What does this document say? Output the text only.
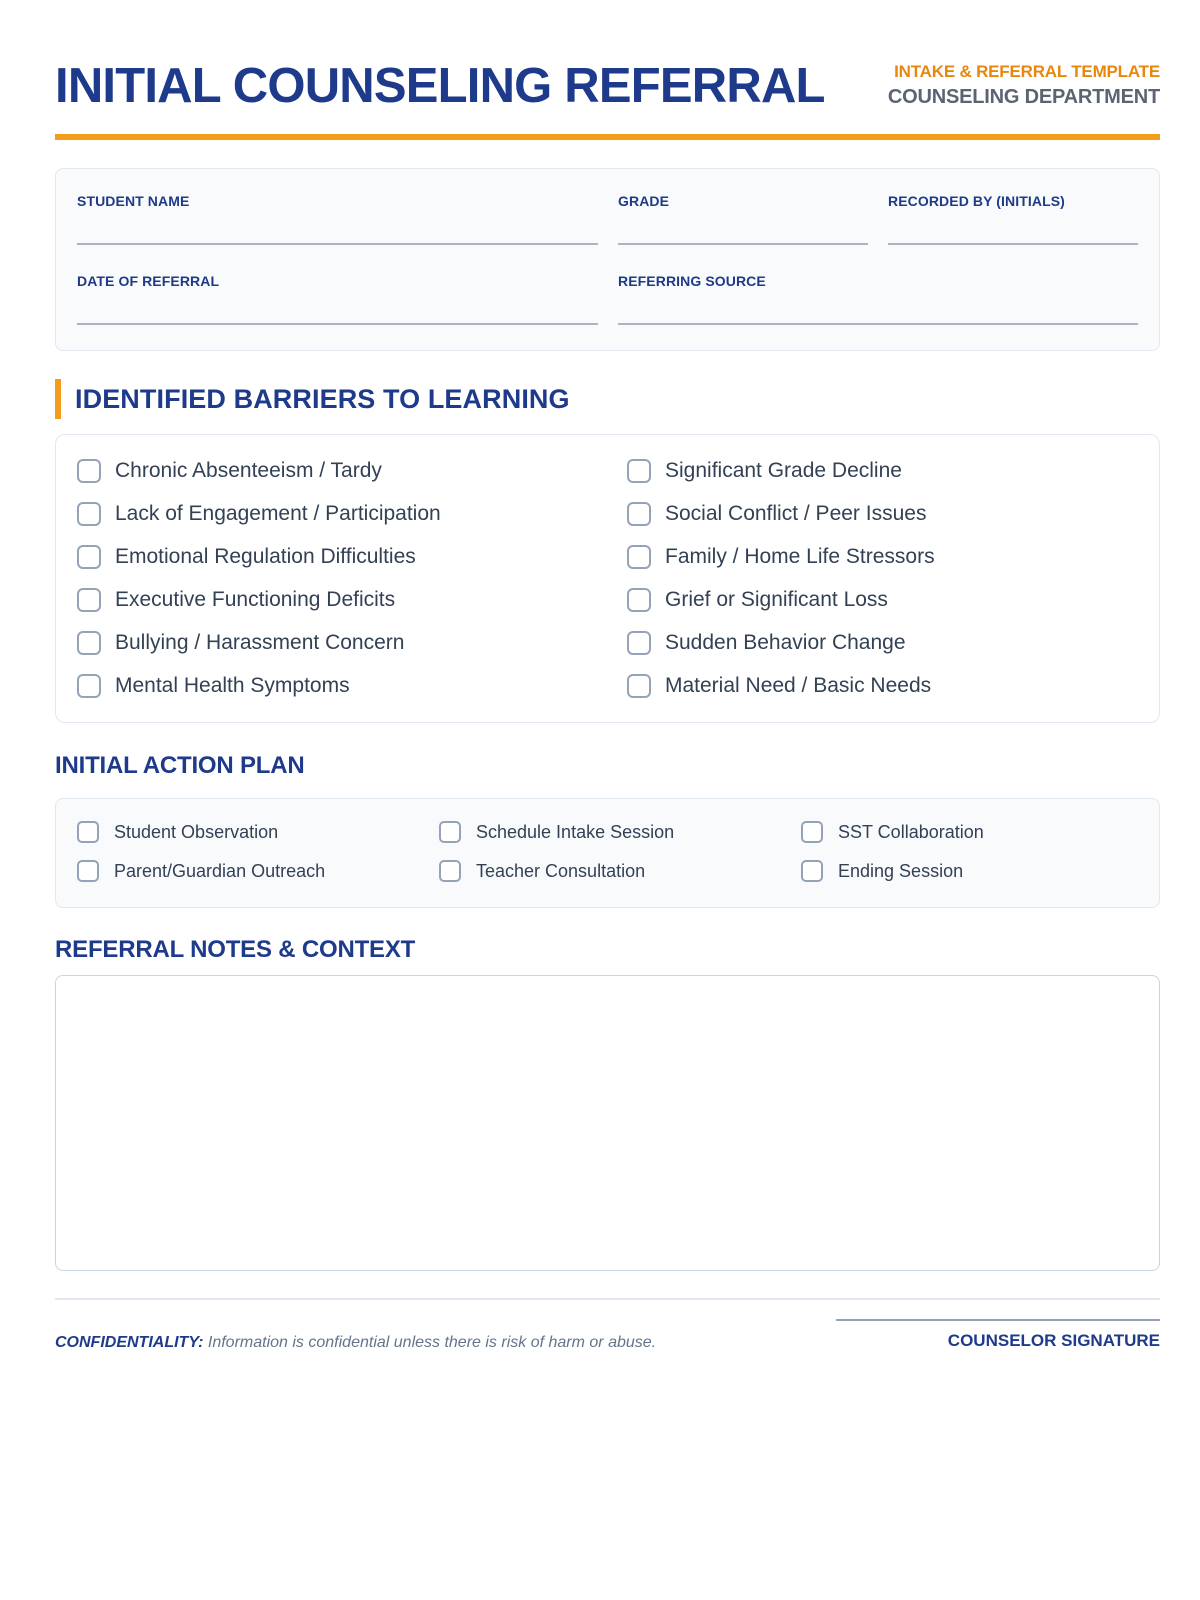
INITIAL COUNSELING REFERRAL	INTAKE & REFERRAL TEMPLATE
COUNSELING DEPARTMENT
STUDENT NAME	GRADE	RECORDED BY (INITIALS)
DATE OF REFERRAL	REFERRING SOURCE
IDENTIFIED BARRIERS TO LEARNING
Chronic Absenteeism / Tardy	Significant Grade Decline
Lack of Engagement / Participation	Social Conflict / Peer Issues
Emotional Regulation Difficulties	Family / Home Life Stressors
Executive Functioning Deficits	Grief or Significant Loss
Bullying / Harassment Concern	Sudden Behavior Change
Mental Health Symptoms	Material Need / Basic Needs
INITIAL ACTION PLAN
Student Observation	Schedule Intake Session	SST Collaboration
Parent/Guardian Outreach	Teacher Consultation	Ending Session
REFERRAL NOTES & CONTEXT
CONFIDENTIALITY: Information is confidential unless there is risk of harm or abuse.	COUNSELOR SIGNATURE
